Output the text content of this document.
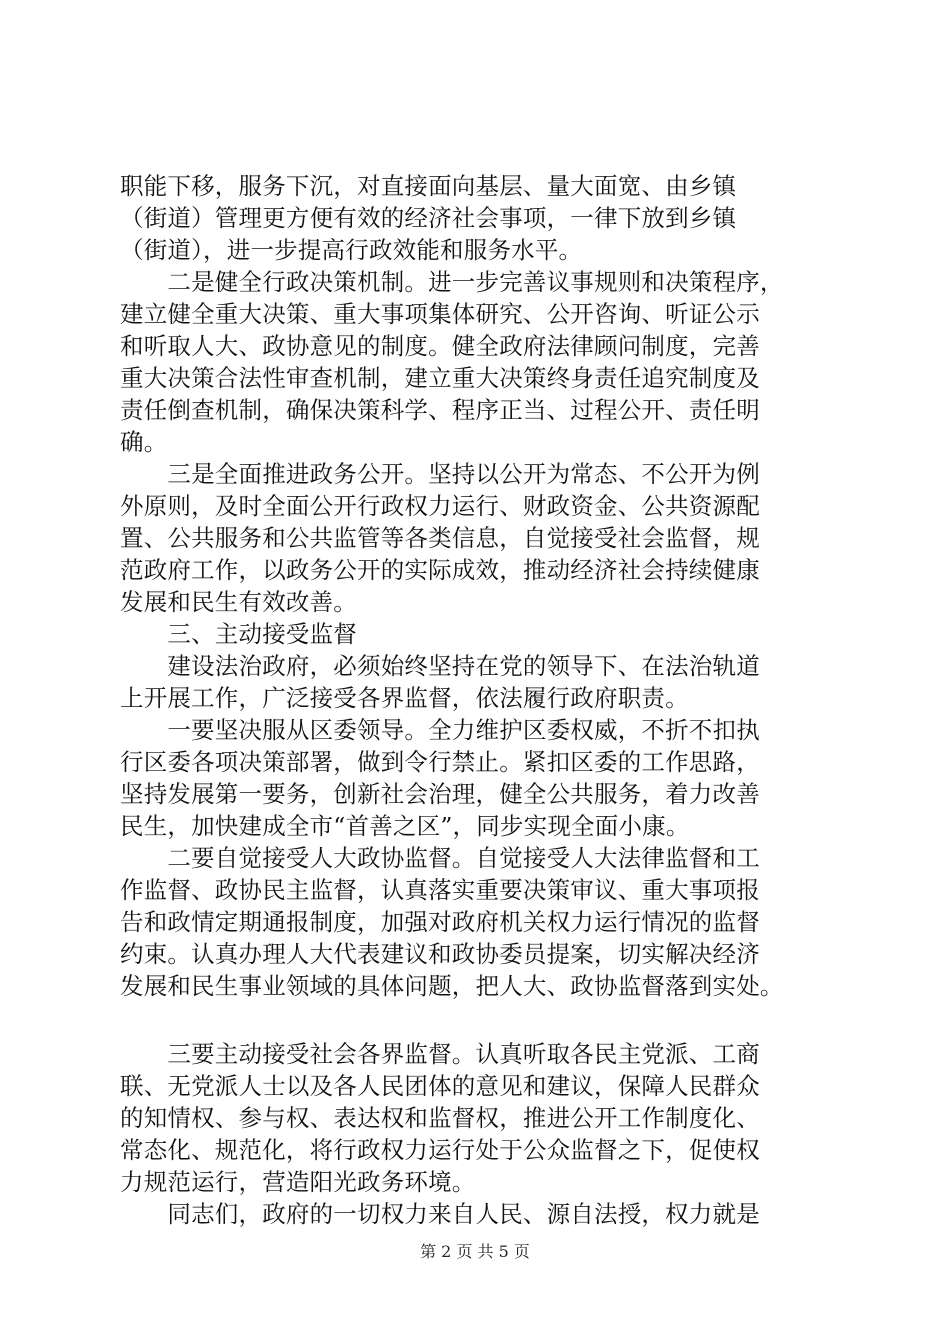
职能下移，服务下沉，对直接面向基层、量大面宽、由乡镇
（街道）管理更方便有效的经济社会事项，一律下放到乡镇
（街道），进一步提高行政效能和服务水平。
　　二是健全行政决策机制。进一步完善议事规则和决策程序，
建立健全重大决策、重大事项集体研究、公开咨询、听证公示
和听取人大、政协意见的制度。健全政府法律顾问制度，完善
重大决策合法性审查机制，建立重大决策终身责任追究制度及
责任倒查机制，确保决策科学、程序正当、过程公开、责任明
确。
　　三是全面推进政务公开。坚持以公开为常态、不公开为例
外原则，及时全面公开行政权力运行、财政资金、公共资源配
置、公共服务和公共监管等各类信息，自觉接受社会监督，规
范政府工作，以政务公开的实际成效，推动经济社会持续健康
发展和民生有效改善。
　　三、主动接受监督
　　建设法治政府，必须始终坚持在党的领导下、在法治轨道
上开展工作，广泛接受各界监督，依法履行政府职责。
　　一要坚决服从区委领导。全力维护区委权威，不折不扣执
行区委各项决策部署，做到令行禁止。紧扣区委的工作思路，
坚持发展第一要务，创新社会治理，健全公共服务，着力改善
民生，加快建成全市“首善之区”，同步实现全面小康。
　　二要自觉接受人大政协监督。自觉接受人大法律监督和工
作监督、政协民主监督，认真落实重要决策审议、重大事项报
告和政情定期通报制度，加强对政府机关权力运行情况的监督
约束。认真办理人大代表建议和政协委员提案，切实解决经济
发展和民生事业领域的具体问题，把人大、政协监督落到实处。
　　三要主动接受社会各界监督。认真听取各民主党派、工商
联、无党派人士以及各人民团体的意见和建议，保障人民群众
的知情权、参与权、表达权和监督权，推进公开工作制度化、
常态化、规范化，将行政权力运行处于公众监督之下，促使权
力规范运行，营造阳光政务环境。
　　同志们，政府的一切权力来自人民、源自法授，权力就是
第 2 页 共 5 页
